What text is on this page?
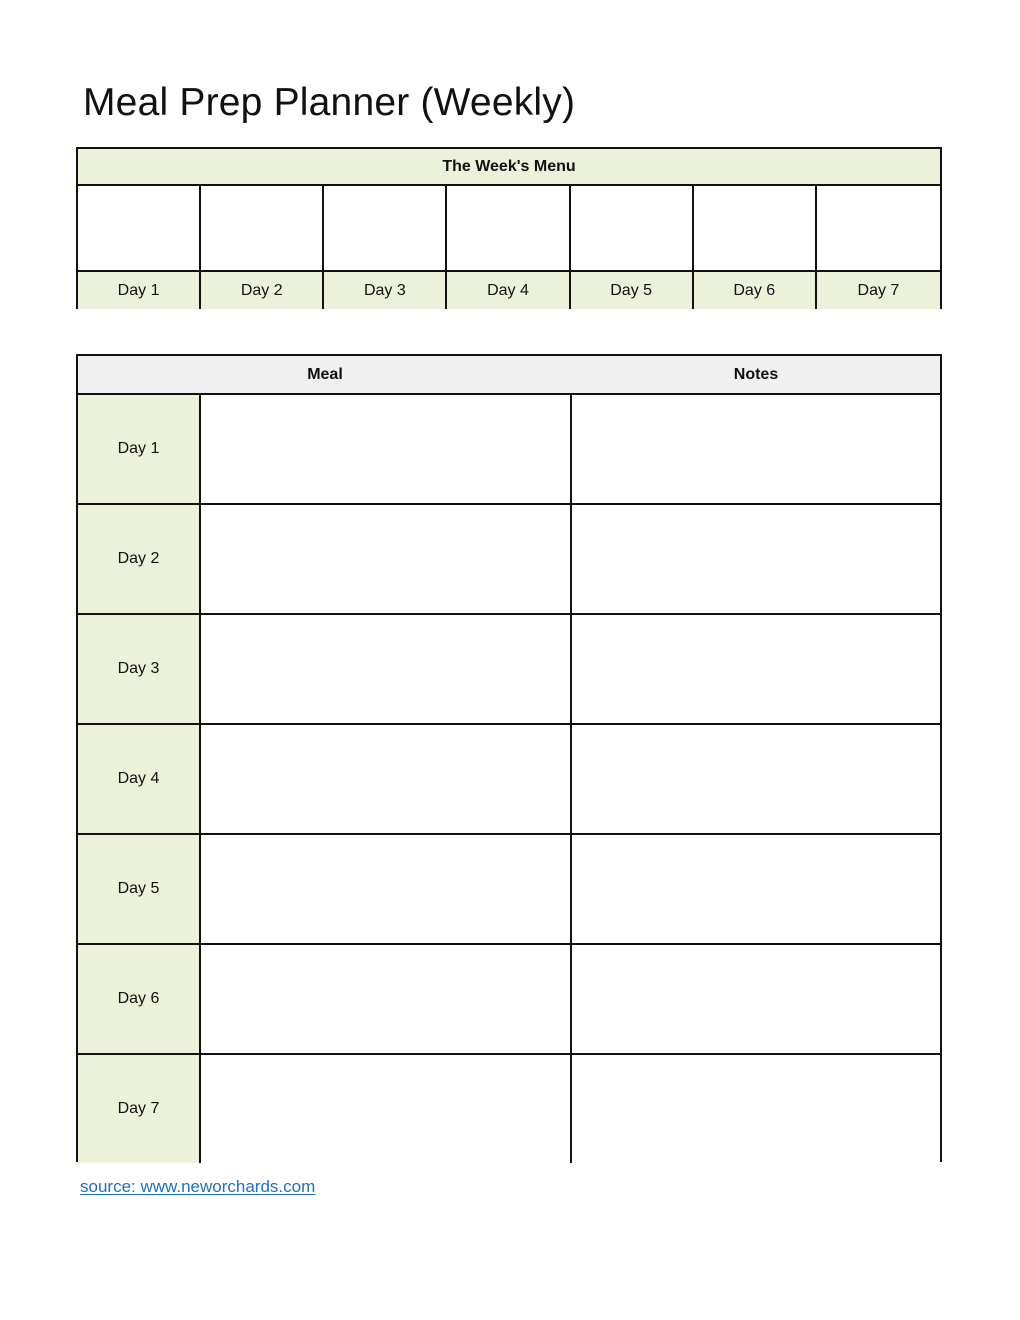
Meal Prep Planner (Weekly)
The Week's Menu
Day 1	Day 2	Day 3	Day 4	Day 5	Day 6	Day 7
Meal	Notes
Day 1
Day 2
Day 3
Day 4
Day 5
Day 6
Day 7
source: www.neworchards.com
